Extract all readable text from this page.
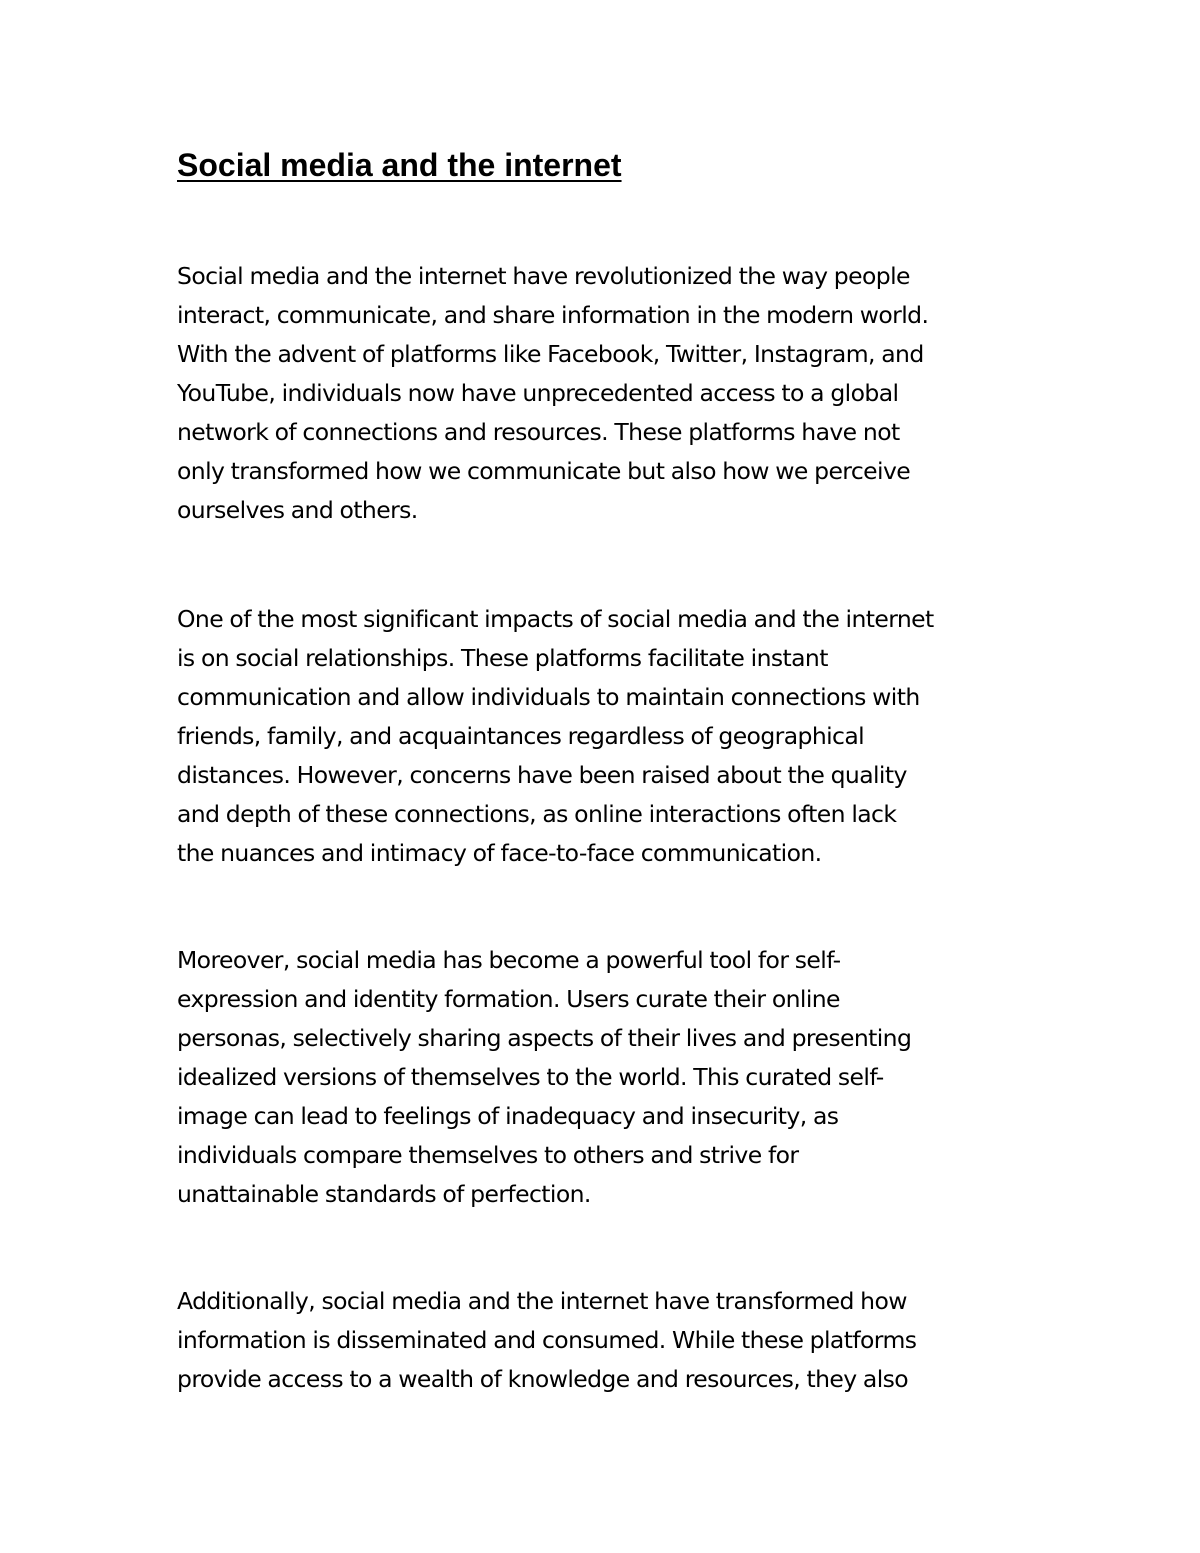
Social media and the internet

Social media and the internet have revolutionized the way people
interact, communicate, and share information in the modern world.
With the advent of platforms like Facebook, Twitter, Instagram, and
YouTube, individuals now have unprecedented access to a global
network of connections and resources. These platforms have not
only transformed how we communicate but also how we perceive
ourselves and others.

One of the most significant impacts of social media and the internet
is on social relationships. These platforms facilitate instant
communication and allow individuals to maintain connections with
friends, family, and acquaintances regardless of geographical
distances. However, concerns have been raised about the quality
and depth of these connections, as online interactions often lack
the nuances and intimacy of face-to-face communication.

Moreover, social media has become a powerful tool for self-
expression and identity formation. Users curate their online
personas, selectively sharing aspects of their lives and presenting
idealized versions of themselves to the world. This curated self-
image can lead to feelings of inadequacy and insecurity, as
individuals compare themselves to others and strive for
unattainable standards of perfection.

Additionally, social media and the internet have transformed how
information is disseminated and consumed. While these platforms
provide access to a wealth of knowledge and resources, they also
